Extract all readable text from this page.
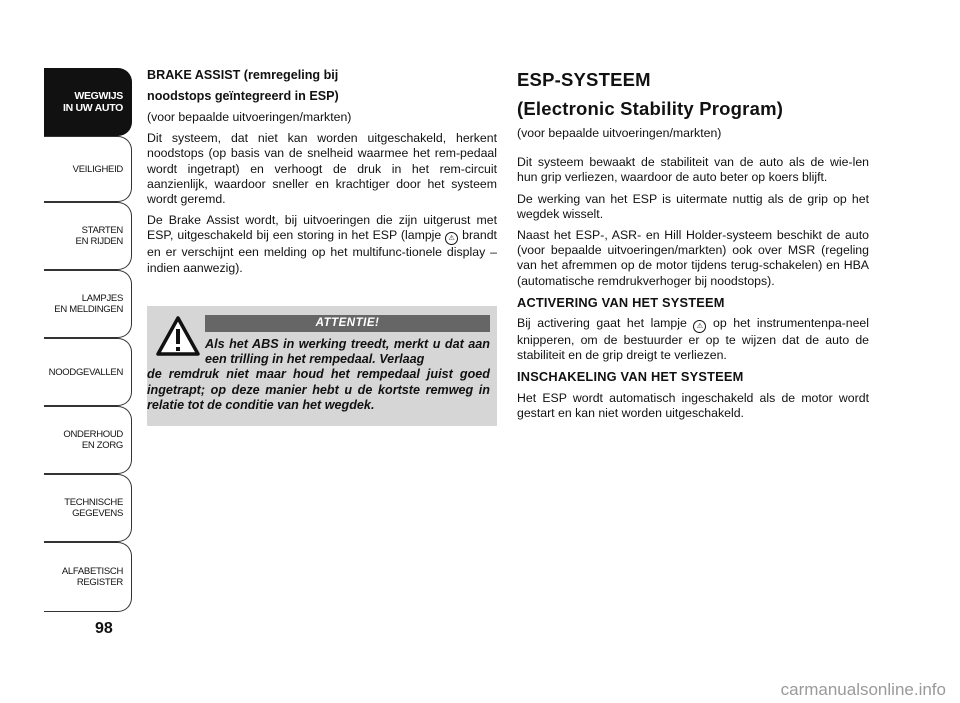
WEGWIJS
IN UW AUTO
VEILIGHEID
STARTEN
EN RIJDEN
LAMPJES
EN MELDINGEN
NOODGEVALLEN
ONDERHOUD
EN ZORG
TECHNISCHE
GEGEVENS
ALFABETISCH
REGISTER
98

BRAKE ASSIST (remregeling bij

noodstops geïntegreerd in ESP)

(voor bepaalde uitvoeringen/markten)

Dit systeem, dat niet kan worden uitgeschakeld, herkent noodstops (op basis van de snelheid waarmee het rem-pedaal wordt ingetrapt) en verhoogt de druk in het rem-circuit aanzienlijk, waardoor sneller en krachtiger door het systeem wordt geremd.

De Brake Assist wordt, bij uitvoeringen die zijn uitgerust met ESP, uitgeschakeld bij een storing in het ESP (lampje ⚠ brandt en er verschijnt een melding op het multifunc-tionele display – indien aanwezig).

ATTENTIE!
Als het ABS in werking treedt, merkt u dat aan een trilling in het rempedaal. Verlaag
de remdruk niet maar houd het rempedaal juist goed ingetrapt; op deze manier hebt u de kortste remweg in relatie tot de conditie van het wegdek.

ESP-SYSTEEM

(Electronic Stability Program)

(voor bepaalde uitvoeringen/markten)

Dit systeem bewaakt de stabiliteit van de auto als de wie-len hun grip verliezen, waardoor de auto beter op koers blijft.

De werking van het ESP is uitermate nuttig als de grip op het wegdek wisselt.

Naast het ESP-, ASR- en Hill Holder-systeem beschikt de auto (voor bepaalde uitvoeringen/markten) ook over MSR (regeling van het afremmen op de motor tijdens terug-schakelen) en HBA (automatische remdrukverhoger bij noodstops).

ACTIVERING VAN HET SYSTEEM

Bij activering gaat het lampje ⚠ op het instrumentenpa-neel knipperen, om de bestuurder er op te wijzen dat de auto de stabiliteit en de grip dreigt te verliezen.

INSCHAKELING VAN HET SYSTEEM

Het ESP wordt automatisch ingeschakeld als de motor wordt gestart en kan niet worden uitgeschakeld.

carmanualsonline.info
